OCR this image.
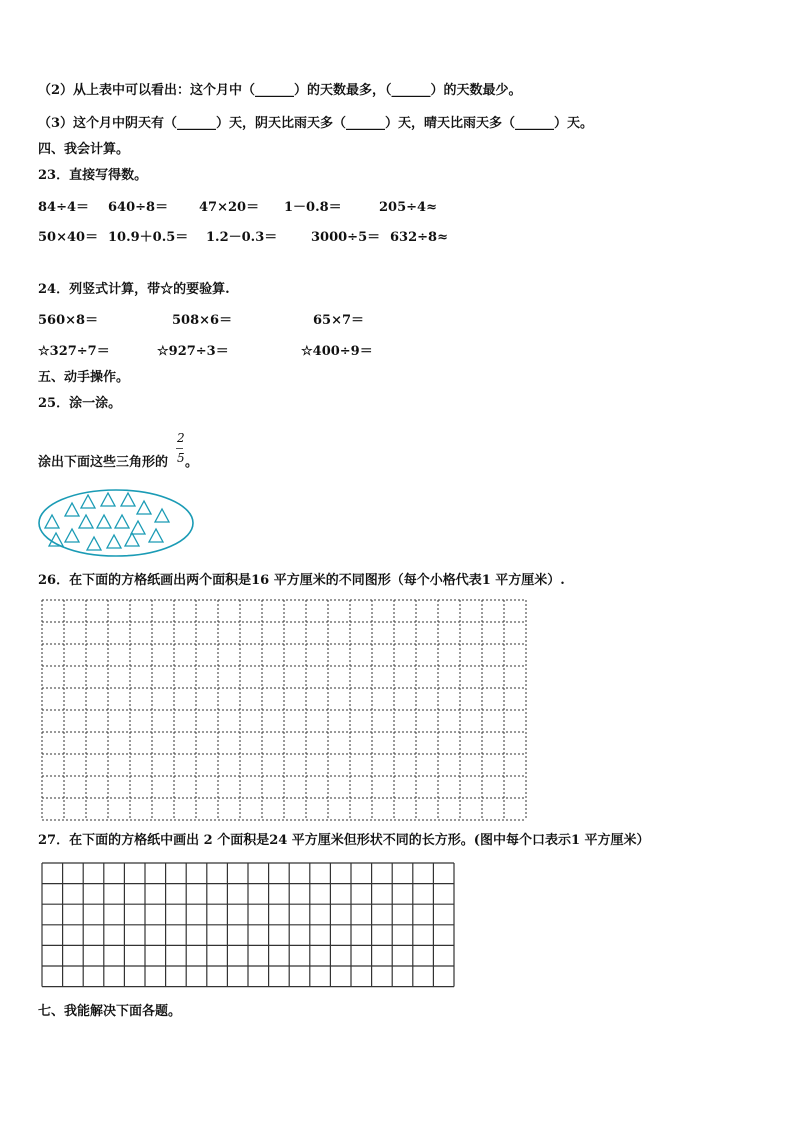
（2）从上表中可以看出：这个月中（______）的天数最多，（______）的天数最少。
（3）这个月中阴天有（______）天，阴天比雨天多（______）天，晴天比雨天多（______）天。
四、我会计算。
23．直接写得数。
84÷4＝ 640÷8＝ 47×20＝ 1－0.8＝	205÷4≈
50×40＝ 10.9＋0.5＝ 1.2－0.3＝	3000÷5＝ 632÷8≈
24．列竖式计算，带☆的要验算.
560×8＝	508×6＝	65×7＝
☆327÷7＝	☆927÷3＝	☆400÷9＝
五、动手操作。
25．涂一涂。
涂出下面这些三角形的
2
5 。
26．在下面的方格纸画出两个面积是16 平方厘米的不同图形（每个小格代表1 平方厘米）.
27．在下面的方格纸中画出 2 个面积是24 平方厘米但形状不同的长方形。(图中每个口表示1 平方厘米）
七、我能解决下面各题。
